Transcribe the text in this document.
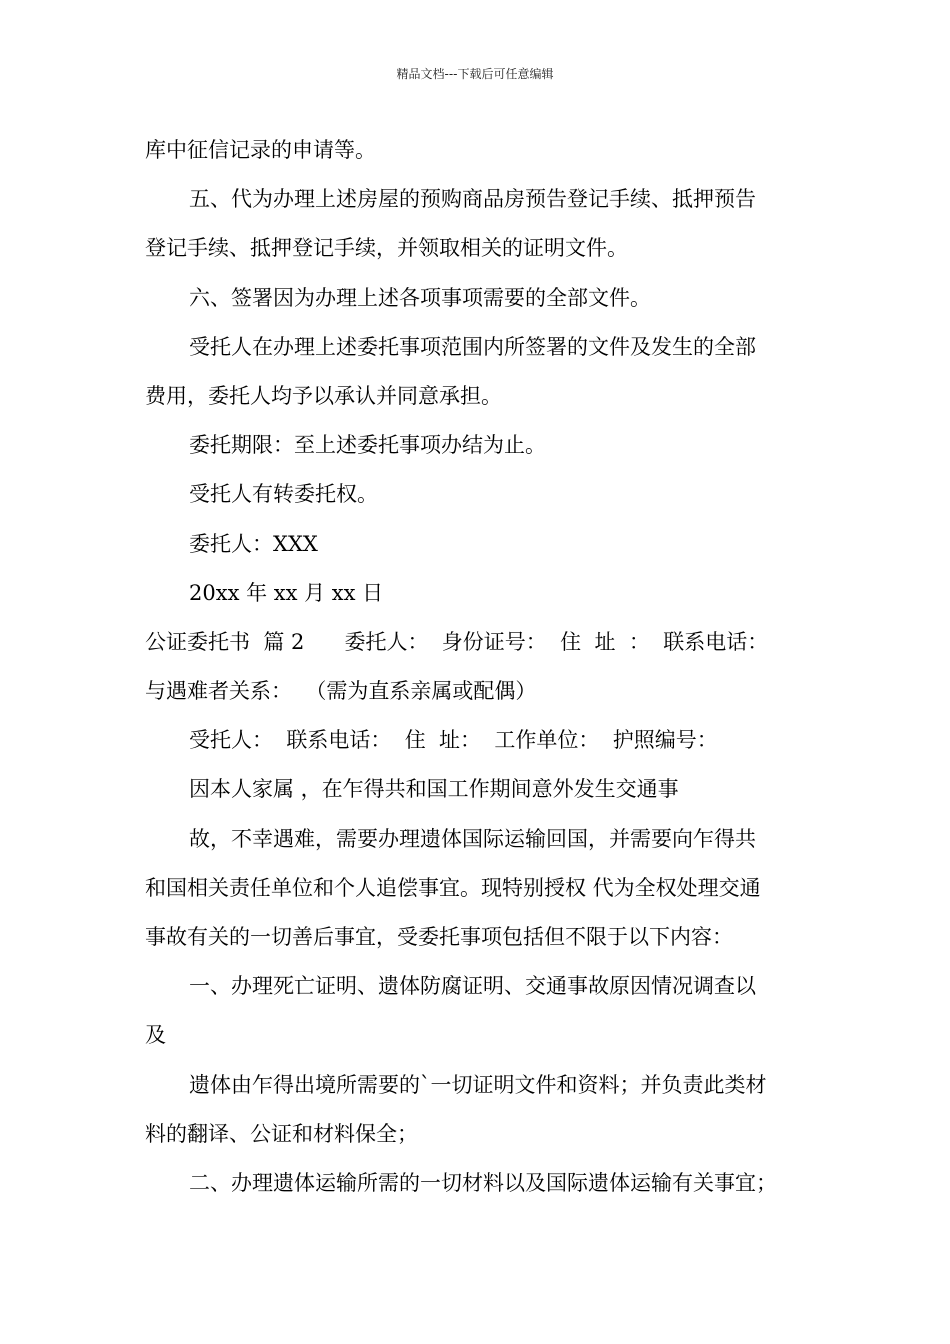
精品文档---下载后可任意编辑
库中征信记录的申请等。
五、代为办理上述房屋的预购商品房预告登记手续、抵押预告
登记手续、抵押登记手续，并领取相关的证明文件。
六、签署因为办理上述各项事项需要的全部文件。
受托人在办理上述委托事项范围内所签署的文件及发生的全部
费用，委托人均予以承认并同意承担。
委托期限：至上述委托事项办结为止。
受托人有转委托权。
委托人：XXX
20xx 年 xx 月 xx 日
公证委托书  篇 2      委托人：  身份证号：  住  址  ：  联系电话：
与遇难者关系：  （需为直系亲属或配偶）
受托人：  联系电话：  住  址：  工作单位：  护照编号：
因本人家属 ，在乍得共和国工作期间意外发生交通事
故，不幸遇难，需要办理遗体国际运输回国，并需要向乍得共
和国相关责任单位和个人追偿事宜。现特别授权 代为全权处理交通
事故有关的一切善后事宜，受委托事项包括但不限于以下内容：
一、办理死亡证明、遗体防腐证明、交通事故原因情况调查以
及
遗体由乍得出境所需要的`一切证明文件和资料；并负责此类材
料的翻译、公证和材料保全；
二、办理遗体运输所需的一切材料以及国际遗体运输有关事宜；
